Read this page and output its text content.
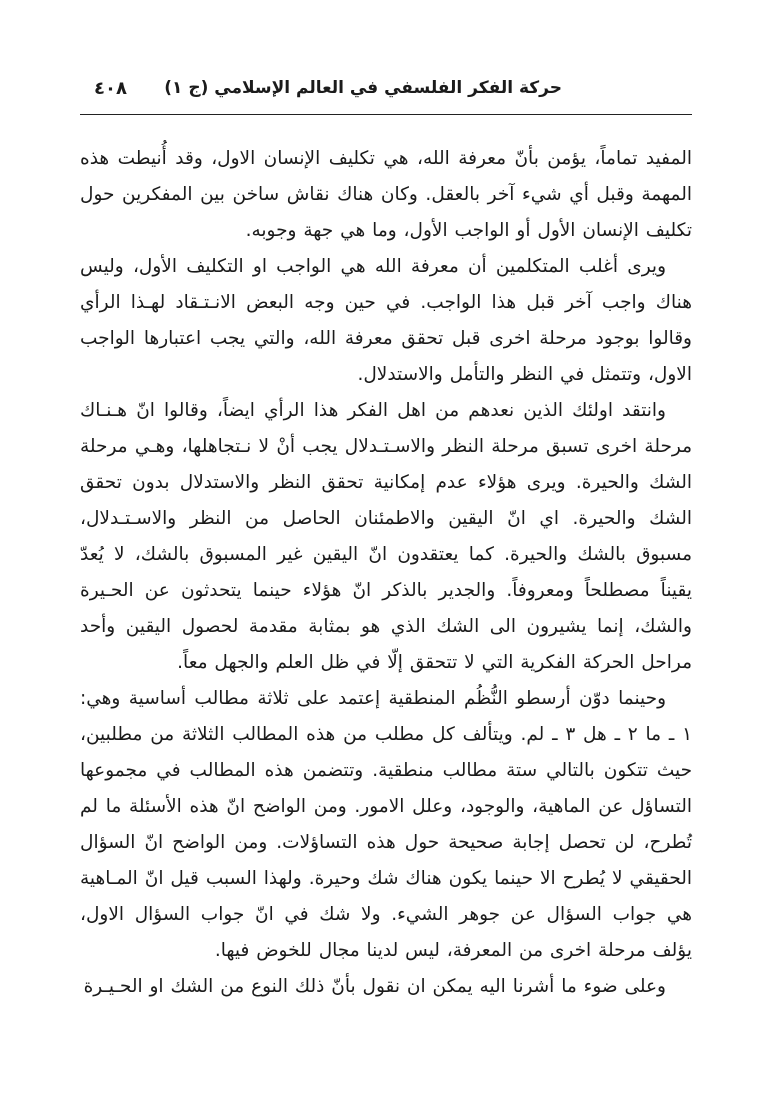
٤٠٨ حركة الفكر الفلسفي في العالم الإسلامي (ج ١)

المفيد تماماً، يؤمن بأنّ معرفة الله، هي تكليف الإنسان الاول، وقد أُنيطت هذه المهمة وقبل أي شيء آخر بالعقل. وكان هناك نقاش ساخن بين المفكرين حول تكليف الإنسان الأول أو الواجب الأول، وما هي جهة وجوبه.

ويرى أغلب المتكلمين أن معرفة الله هي الواجب او التكليف الأول، وليس هناك واجب آخر قبل هذا الواجب. في حين وجه البعض الانـتـقاد لهـذا الرأي وقالوا بوجود مرحلة اخرى قبل تحقق معرفة الله، والتي يجب اعتبارها الواجب الاول، وتتمثل في النظر والتأمل والاستدلال.

وانتقد اولئك الذين نعدهم من اهل الفكر هذا الرأي ايضاً، وقالوا انّ هـنـاك مرحلة اخرى تسبق مرحلة النظر والاسـتـدلال يجب أنْ لا نـتجاهلها، وهـي مرحلة الشك والحيرة. ويرى هؤلاء عدم إمكانية تحقق النظر والاستدلال بدون تحقق الشك والحيرة. اي انّ اليقين والاطمئنان الحاصل من النظر والاسـتـدلال، مسبوق بالشك والحيرة. كما يعتقدون انّ اليقين غير المسبوق بالشك، لا يُعدّ يقيناً مصطلحاً ومعروفاً. والجدير بالذكر انّ هؤلاء حينما يتحدثون عن الحـيرة والشك، إنما يشيرون الى الشك الذي هو بمثابة مقدمة لحصول اليقين وأحد مراحل الحركة الفكرية التي لا تتحقق إلّا في ظل العلم والجهل معاً.

وحينما دوّن أرسطو النُّظُم المنطقية إعتمد على ثلاثة مطالب أساسية وهي: ١ ـ ما ٢ ـ هل ٣ ـ لم. ويتألف كل مطلب من هذه المطالب الثلاثة من مطلبين، حيث تتكون بالتالي ستة مطالب منطقية. وتتضمن هذه المطالب في مجموعها التساؤل عن الماهية، والوجود، وعلل الامور. ومن الواضح انّ هذه الأسئلة ما لم تُطرح، لن تحصل إجابة صحيحة حول هذه التساؤلات. ومن الواضح انّ السؤال الحقيقي لا يُطرح الا حينما يكون هناك شك وحيرة. ولهذا السبب قيل انّ المـاهية هي جواب السؤال عن جوهر الشيء. ولا شك في انّ جواب السؤال الاول، يؤلف مرحلة اخرى من المعرفة، ليس لدينا مجال للخوض فيها.

وعلى ضوء ما أشرنا اليه يمكن ان نقول بأنّ ذلك النوع من الشك او الحـيـرة
